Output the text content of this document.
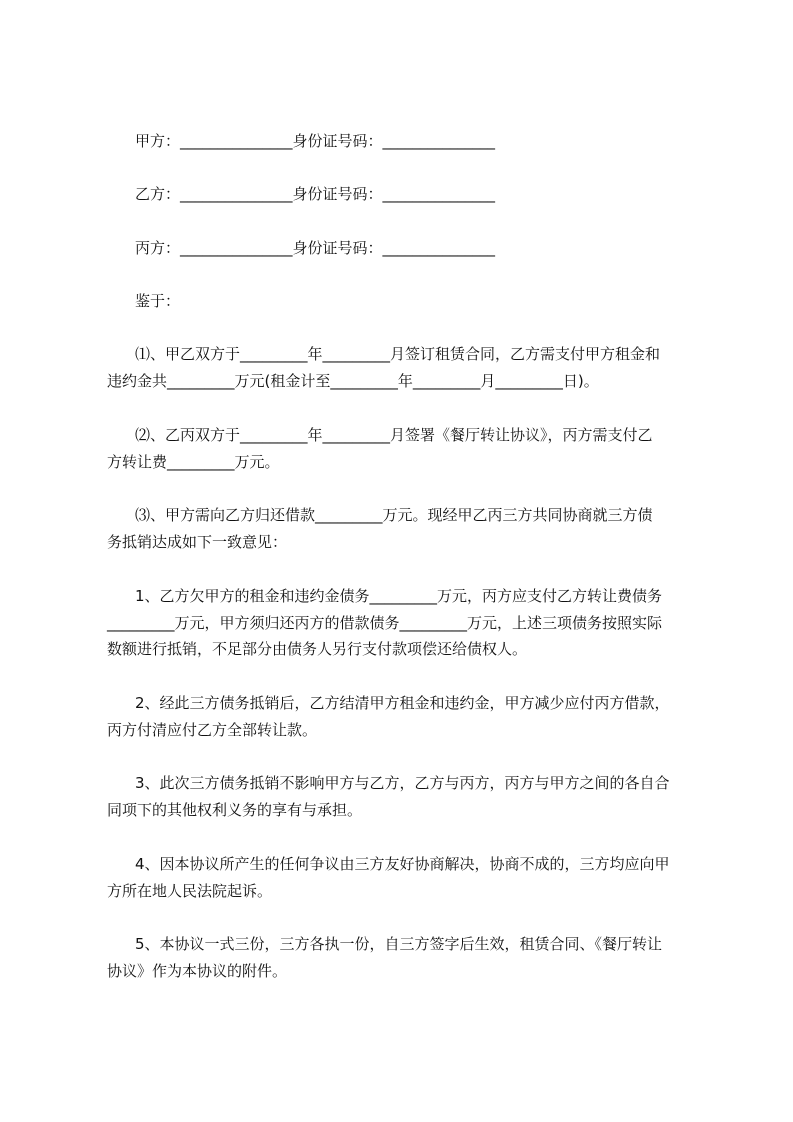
甲方：_______________身份证号码：_______________
乙方：_______________身份证号码：_______________
丙方：_______________身份证号码：_______________
鉴于：
⑴、甲乙双方于_________年_________月签订租赁合同，乙方需支付甲方租金和
违约金共_________万元(租金计至_________年_________月_________日)。
⑵、乙丙双方于_________年_________月签署《餐厅转让协议》，丙方需支付乙
方转让费_________万元。
⑶、甲方需向乙方归还借款_________万元。现经甲乙丙三方共同协商就三方债
务抵销达成如下一致意见：
1、乙方欠甲方的租金和违约金债务_________万元，丙方应支付乙方转让费债务
_________万元，甲方须归还丙方的借款债务_________万元，上述三项债务按照实际
数额进行抵销，不足部分由债务人另行支付款项偿还给债权人。
2、经此三方债务抵销后，乙方结清甲方租金和违约金，甲方减少应付丙方借款，
丙方付清应付乙方全部转让款。
3、此次三方债务抵销不影响甲方与乙方，乙方与丙方，丙方与甲方之间的各自合
同项下的其他权利义务的享有与承担。
4、因本协议所产生的任何争议由三方友好协商解决，协商不成的，三方均应向甲
方所在地人民法院起诉。
5、本协议一式三份，三方各执一份，自三方签字后生效，租赁合同、《餐厅转让
协议》作为本协议的附件。
